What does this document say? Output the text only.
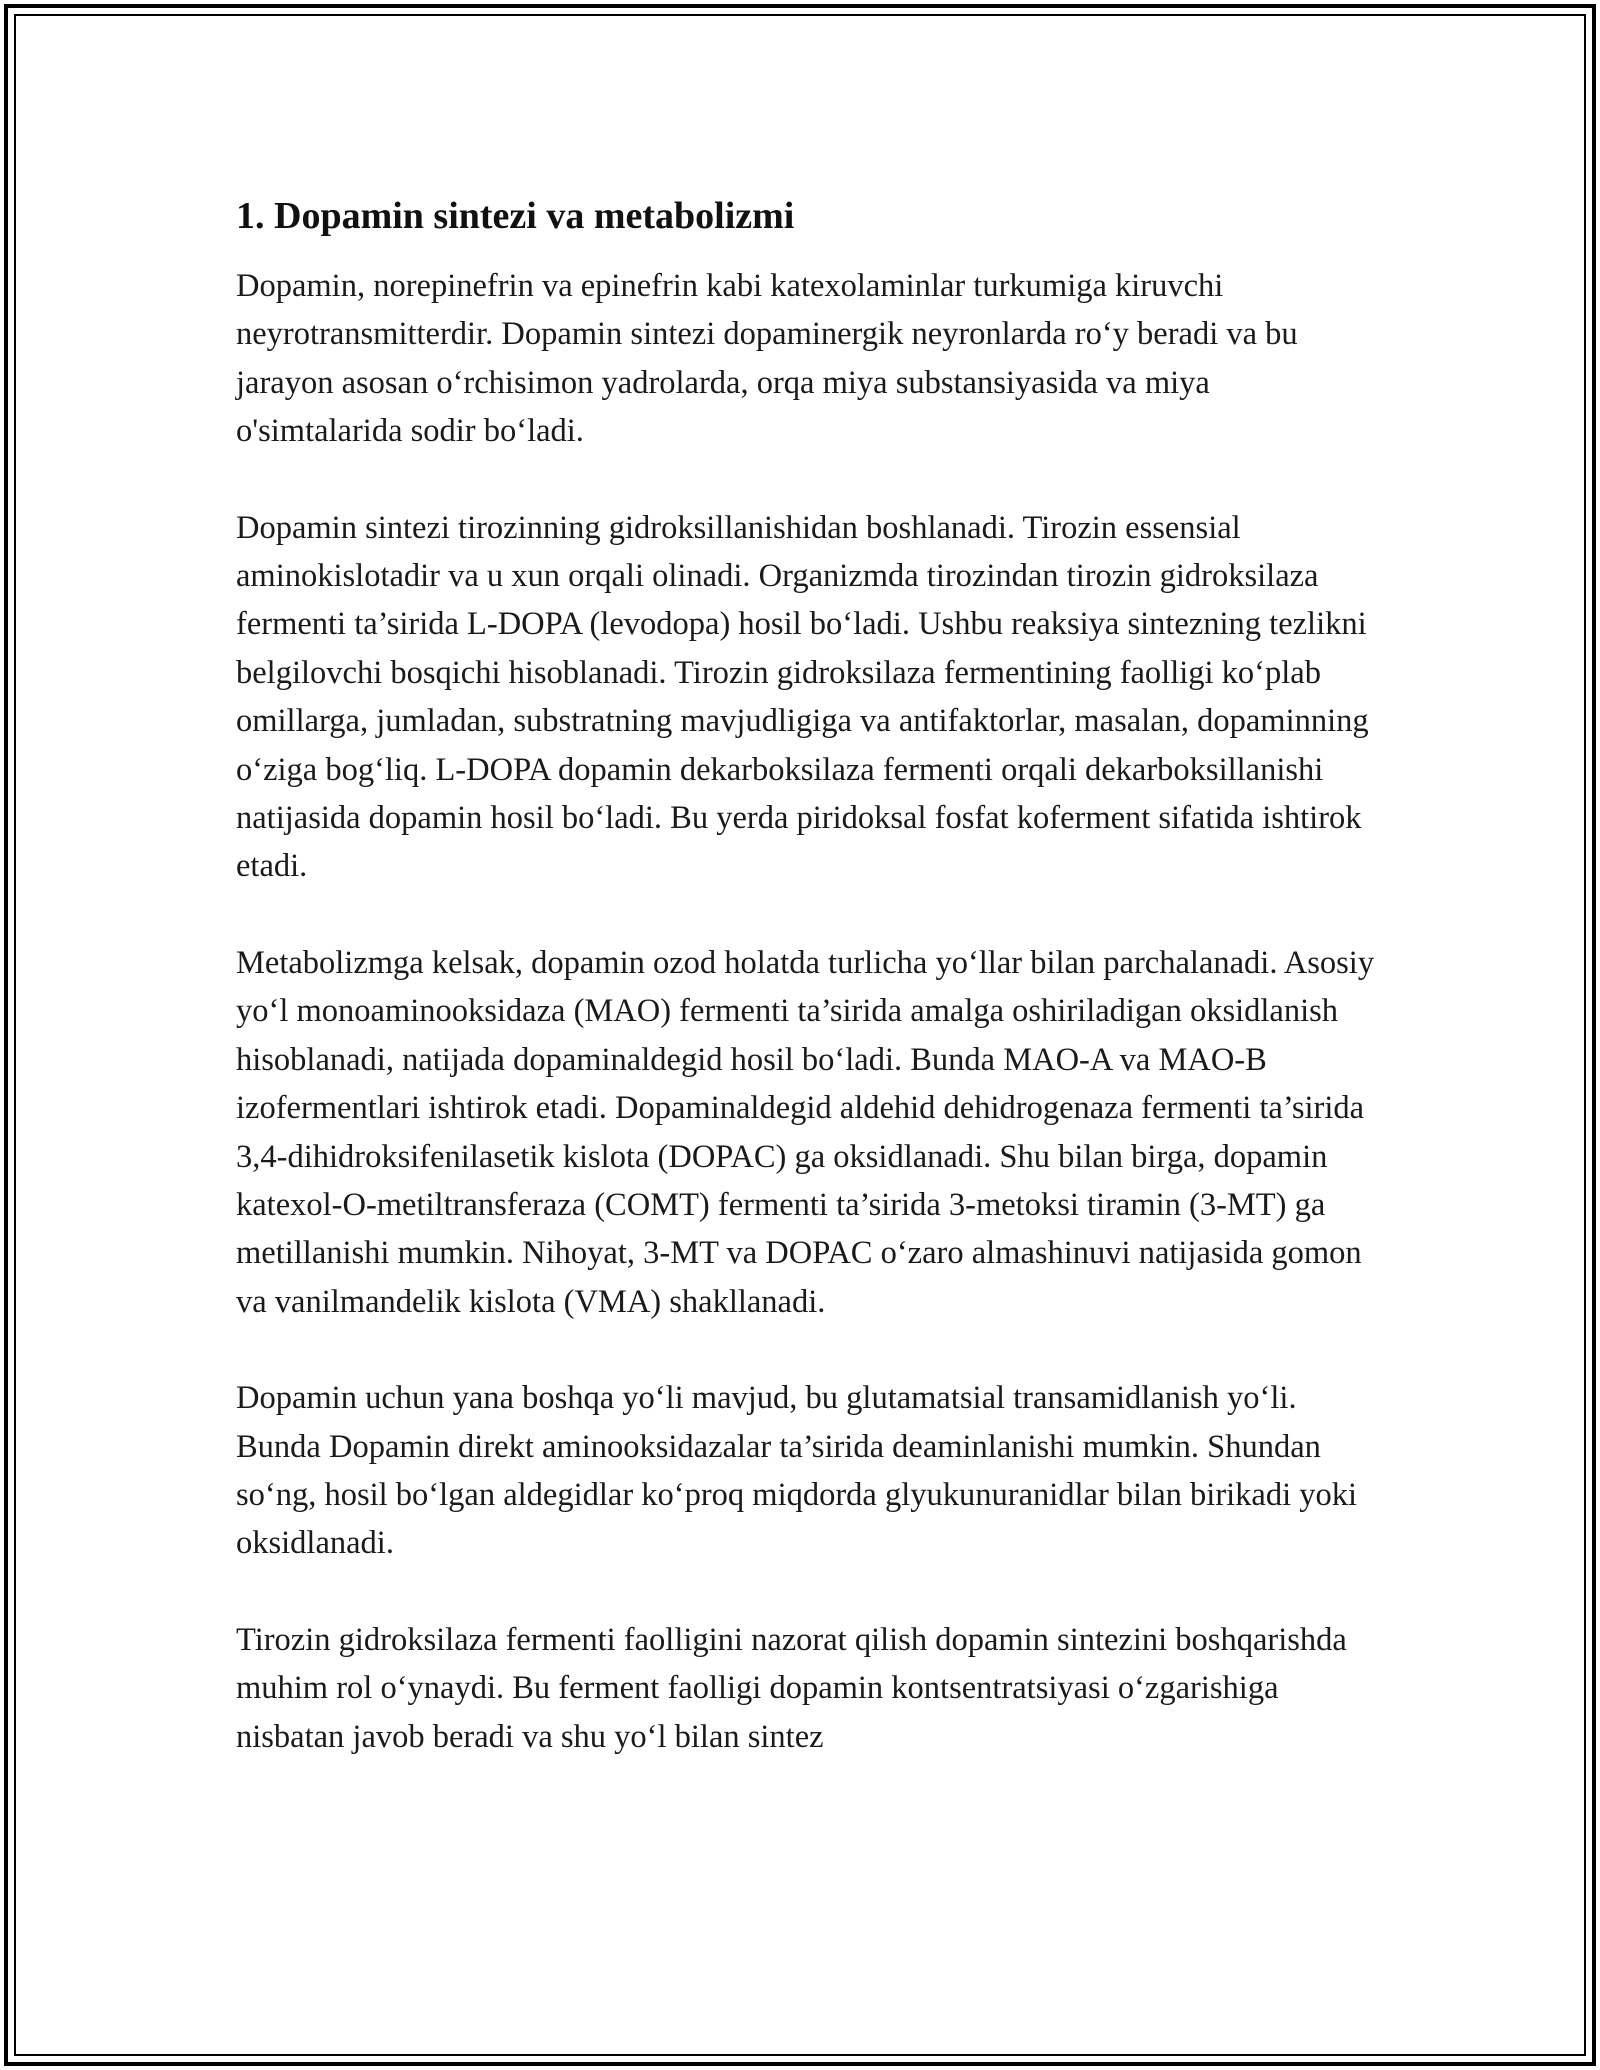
1. Dopamin sintezi va metabolizmi

Dopamin, norepinefrin va epinefrin kabi katexolaminlar turkumiga kiruvchi neyrotransmitterdir. Dopamin sintezi dopaminergik neyronlarda ro‘y beradi va bu jarayon asosan o‘rchisimon yadrolarda, orqa miya substansiyasida va miya o'simtalarida sodir bo‘ladi.

Dopamin sintezi tirozinning gidroksillanishidan boshlanadi. Tirozin essensial aminokislotadir va u xun orqali olinadi. Organizmda tirozindan tirozin gidroksilaza fermenti ta’sirida L-DOPA (levodopa) hosil bo‘ladi. Ushbu reaksiya sintezning tezlikni belgilovchi bosqichi hisoblanadi. Tirozin gidroksilaza fermentining faolligi ko‘plab omillarga, jumladan, substratning mavjudligiga va antifaktorlar, masalan, dopaminning o‘ziga bog‘liq. L-DOPA dopamin dekarboksilaza fermenti orqali dekarboksillanishi natijasida dopamin hosil bo‘ladi. Bu yerda piridoksal fosfat koferment sifatida ishtirok etadi.

Metabolizmga kelsak, dopamin ozod holatda turlicha yo‘llar bilan parchalanadi. Asosiy yo‘l monoaminooksidaza (MAO) fermenti ta’sirida amalga oshiriladigan oksidlanish hisoblanadi, natijada dopaminaldegid hosil bo‘ladi. Bunda MAO-A va MAO-B izofermentlari ishtirok etadi. Dopaminaldegid aldehid dehidrogenaza fermenti ta’sirida 3,4-dihidroksifenilasetik kislota (DOPAC) ga oksidlanadi. Shu bilan birga, dopamin katexol-O-metiltransferaza (COMT) fermenti ta’sirida 3-metoksi tiramin (3-MT) ga metillanishi mumkin. Nihoyat, 3-MT va DOPAC o‘zaro almashinuvi natijasida gomon va vanilmandelik kislota (VMA) shakllanadi.

Dopamin uchun yana boshqa yo‘li mavjud, bu glutamatsial transamidlanish yo‘li. Bunda Dopamin direkt aminooksidazalar ta’sirida deaminlanishi mumkin. Shundan so‘ng, hosil bo‘lgan aldegidlar ko‘proq miqdorda glyukunuranidlar bilan birikadi yoki oksidlanadi.

Tirozin gidroksilaza fermenti faolligini nazorat qilish dopamin sintezini boshqarishda muhim rol o‘ynaydi. Bu ferment faolligi dopamin kontsentratsiyasi o‘zgarishiga nisbatan javob beradi va shu yo‘l bilan sintez
